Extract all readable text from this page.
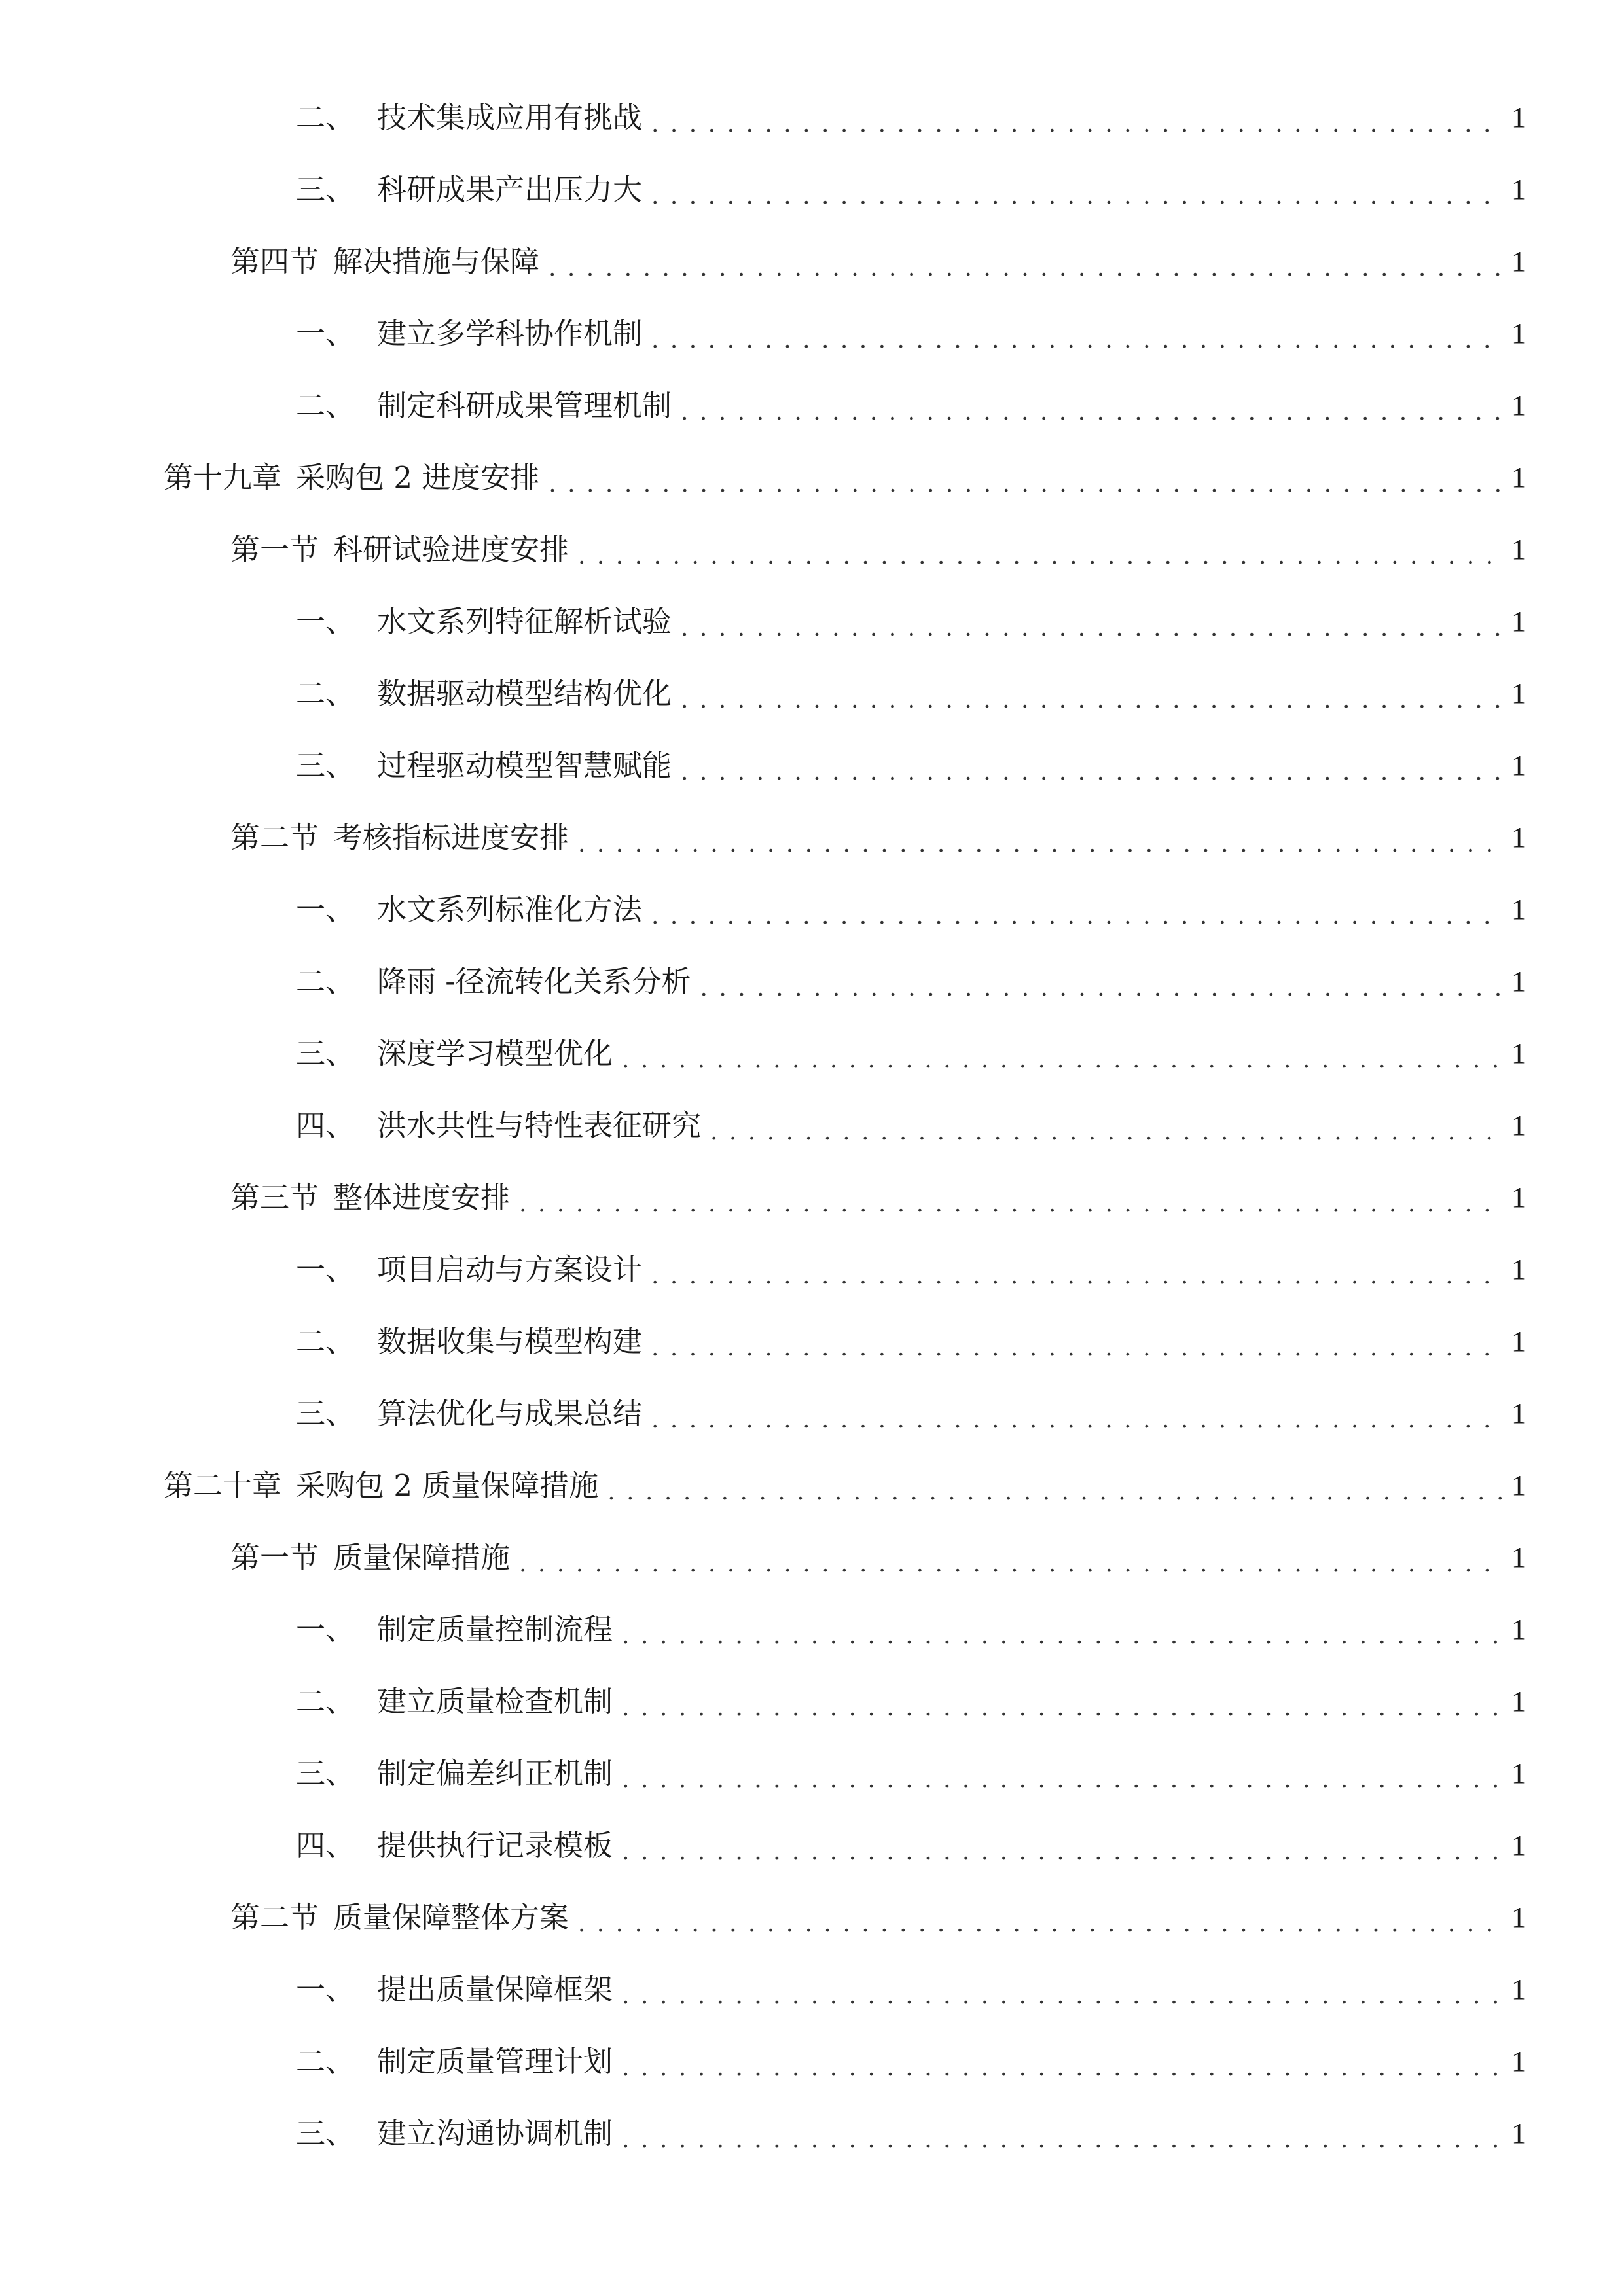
二、 技术集成应用有挑战 . . .	1
三、 科研成果产出压力大 . . .	1
第四节 解决措施与保障 . . .	1
一、 建立多学科协作机制 . . .	1
二、 制定科研成果管理机制 . . .	1
第十九章 采购包 2 进度安排 . . .	1
第一节 科研试验进度安排 . . .	1
一、 水文系列特征解析试验 . . .	1
二、 数据驱动模型结构优化 . . .	1
三、 过程驱动模型智慧赋能 . . .	1
第二节 考核指标进度安排 . . .	1
一、 水文系列标准化方法 . . .	1
二、 降雨 -径流转化关系分析 . . .	1
三、 深度学习模型优化 . . .	1
四、 洪水共性与特性表征研究 . . .	1
第三节 整体进度安排 . . .	1
一、 项目启动与方案设计 . . .	1
二、 数据收集与模型构建 . . .	1
三、 算法优化与成果总结 . . .	1
第二十章 采购包 2 质量保障措施 . . .	1
第一节 质量保障措施 . . .	1
一、 制定质量控制流程 . . .	1
二、 建立质量检查机制 . . .	1
三、 制定偏差纠正机制 . . .	1
四、 提供执行记录模板 . . .	1
第二节 质量保障整体方案 . . .	1
一、 提出质量保障框架 . . .	1
二、 制定质量管理计划 . . .	1
三、 建立沟通协调机制 . . .	1
